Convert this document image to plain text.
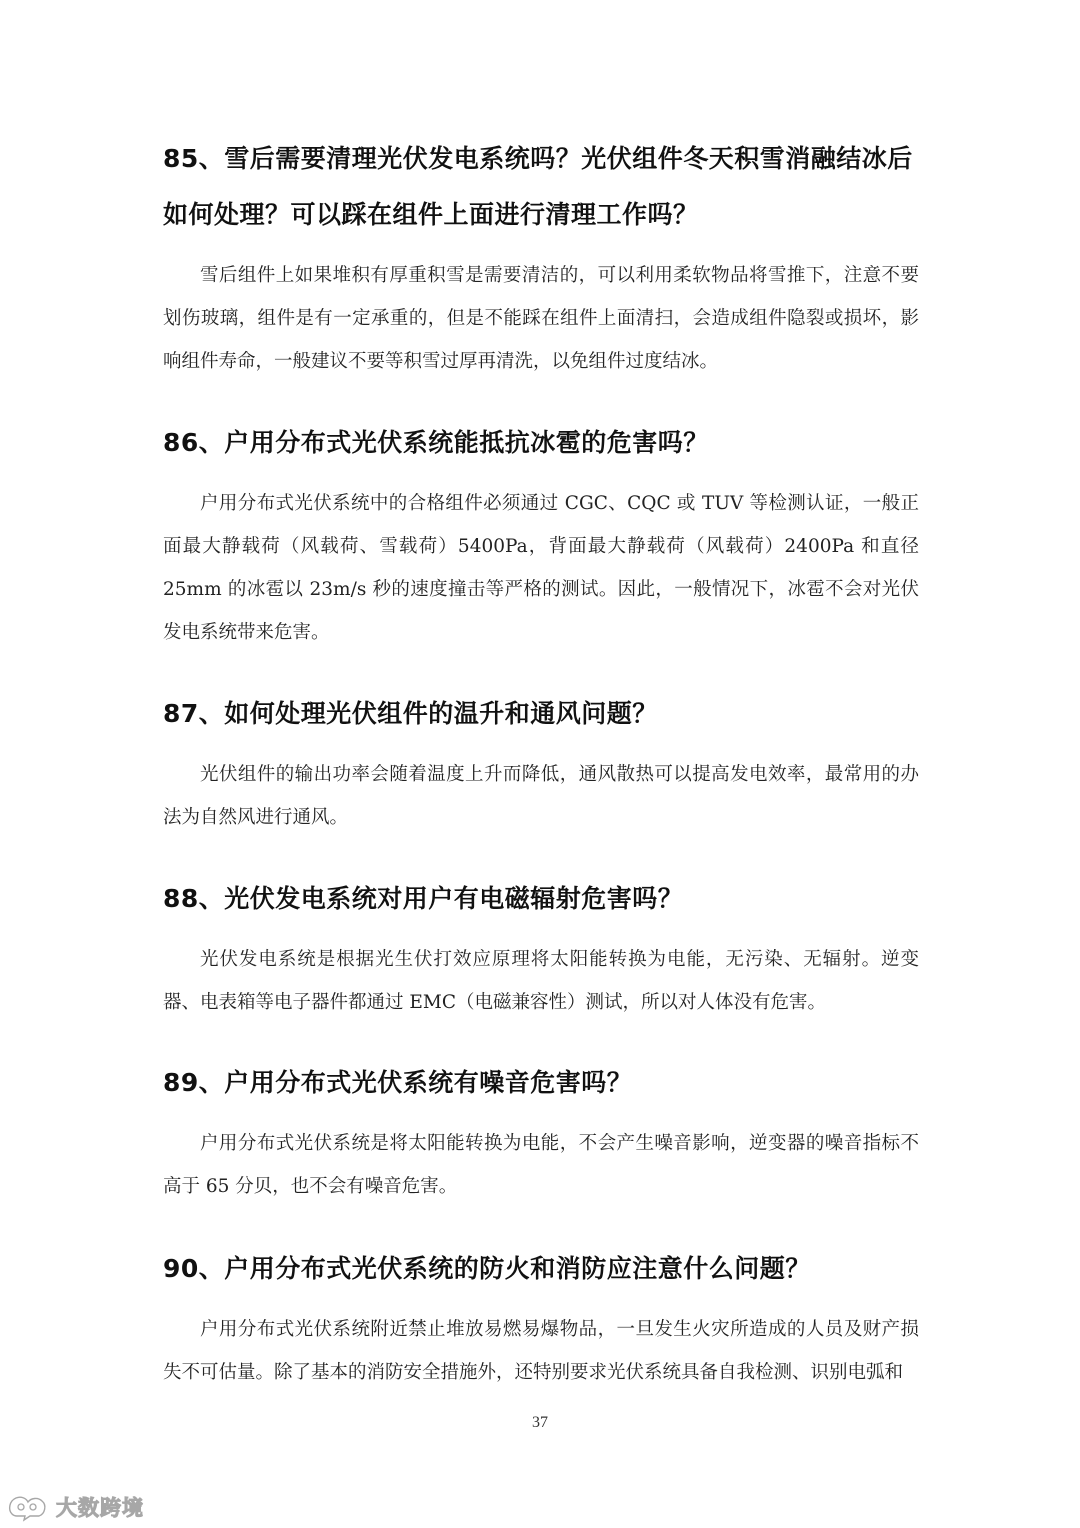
85、雪后需要清理光伏发电系统吗？光伏组件冬天积雪消融结冰后如何处理？可以踩在组件上面进行清理工作吗？

雪后组件上如果堆积有厚重积雪是需要清洁的，可以利用柔软物品将雪推下，注意不要划伤玻璃，组件是有一定承重的，但是不能踩在组件上面清扫，会造成组件隐裂或损坏，影响组件寿命，一般建议不要等积雪过厚再清洗，以免组件过度结冰。

86、户用分布式光伏系统能抵抗冰雹的危害吗？

户用分布式光伏系统中的合格组件必须通过 CGC、CQC 或 TUV 等检测认证，一般正面最大静载荷（风载荷、雪载荷）5400Pa，背面最大静载荷（风载荷）2400Pa 和直径 25mm 的冰雹以 23m/s 秒的速度撞击等严格的测试。因此，一般情况下，冰雹不会对光伏发电系统带来危害。

87、如何处理光伏组件的温升和通风问题？

光伏组件的输出功率会随着温度上升而降低，通风散热可以提高发电效率，最常用的办法为自然风进行通风。

88、光伏发电系统对用户有电磁辐射危害吗？

光伏发电系统是根据光生伏打效应原理将太阳能转换为电能，无污染、无辐射。逆变器、电表箱等电子器件都通过 EMC（电磁兼容性）测试，所以对人体没有危害。

89、户用分布式光伏系统有噪音危害吗？

户用分布式光伏系统是将太阳能转换为电能，不会产生噪音影响，逆变器的噪音指标不高于 65 分贝，也不会有噪音危害。

90、户用分布式光伏系统的防火和消防应注意什么问题？

户用分布式光伏系统附近禁止堆放易燃易爆物品，一旦发生火灾所造成的人员及财产损失不可估量。除了基本的消防安全措施外，还特别要求光伏系统具备自我检测、识别电弧和

37
大数跨境
